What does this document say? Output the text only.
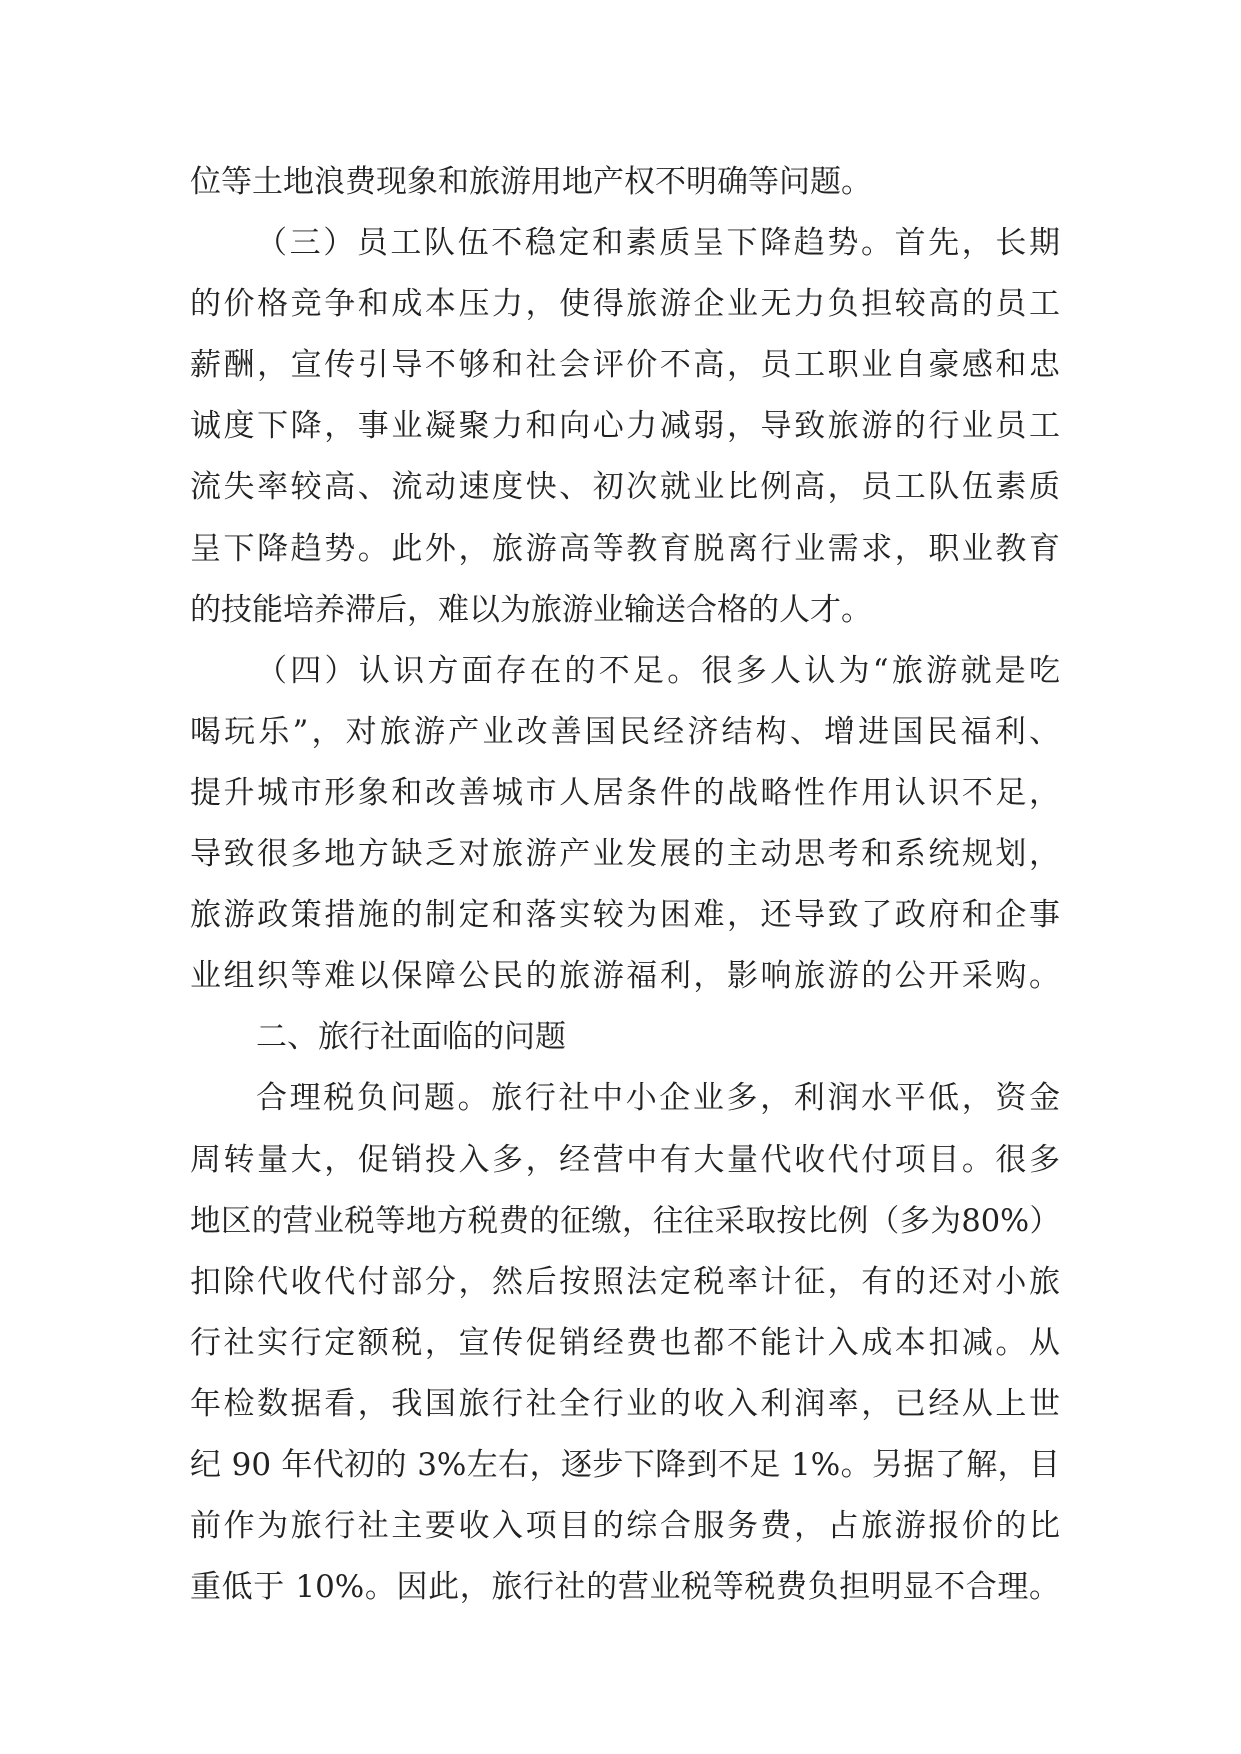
位等土地浪费现象和旅游用地产权不明确等问题。
（三）员工队伍不稳定和素质呈下降趋势。首先，长期
的价格竞争和成本压力，使得旅游企业无力负担较高的员工
薪酬，宣传引导不够和社会评价不高，员工职业自豪感和忠
诚度下降，事业凝聚力和向心力减弱，导致旅游的行业员工
流失率较高、流动速度快、初次就业比例高，员工队伍素质
呈下降趋势。此外，旅游高等教育脱离行业需求，职业教育
的技能培养滞后，难以为旅游业输送合格的人才。
（四）认识方面存在的不足。很多人认为“旅游就是吃
喝玩乐”，对旅游产业改善国民经济结构、增进国民福利、
提升城市形象和改善城市人居条件的战略性作用认识不足，
导致很多地方缺乏对旅游产业发展的主动思考和系统规划，
旅游政策措施的制定和落实较为困难，还导致了政府和企事
业组织等难以保障公民的旅游福利，影响旅游的公开采购。
二、旅行社面临的问题
合理税负问题。旅行社中小企业多，利润水平低，资金
周转量大，促销投入多，经营中有大量代收代付项目。很多
地区的营业税等地方税费的征缴，往往采取按比例（多为80%）
扣除代收代付部分，然后按照法定税率计征，有的还对小旅
行社实行定额税，宣传促销经费也都不能计入成本扣减。从
年检数据看，我国旅行社全行业的收入利润率，已经从上世
纪 90 年代初的 3%左右，逐步下降到不足 1%。另据了解，目
前作为旅行社主要收入项目的综合服务费，占旅游报价的比
重低于 10%。因此，旅行社的营业税等税费负担明显不合理。
